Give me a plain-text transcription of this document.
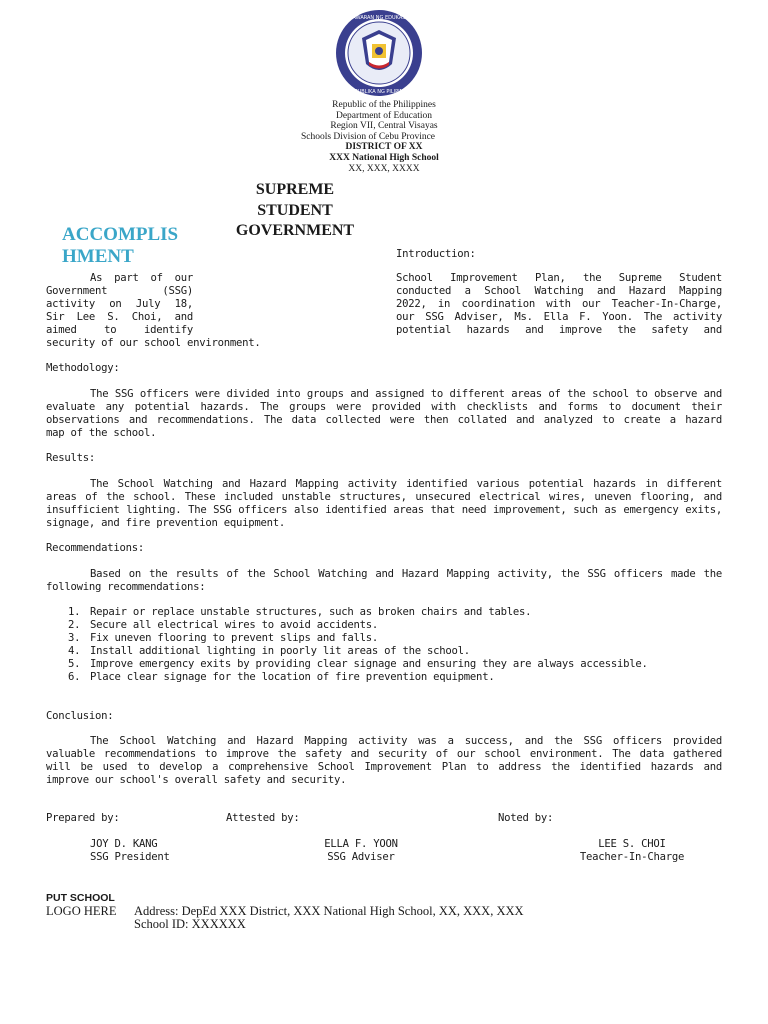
KAGAWARAN NG EDUKASYON
REPUBLIKA NG PILIPINAS
Republic of the Philippines
Department of Education
Region VII, Central Visayas
Schools Division of Cebu Province
DISTRICT OF XX
XXX National High School
XX, XXX, XXXX
SUPREME
STUDENT
GOVERNMENT
ACCOMPLIS
HMENT
As part of our
Government (SSG)
activity on July 18,
Sir Lee S. Choi, and
aimed to identify
security of our school environment.
Introduction:
School Improvement Plan, the Supreme Student
conducted a School Watching and Hazard Mapping
2022, in coordination with our Teacher-In-Charge,
our SSG Adviser, Ms. Ella F. Yoon. The activity
potential hazards and improve the safety and
Methodology:
The SSG officers were divided into groups and assigned to different areas of the school to observe and
evaluate any potential hazards. The groups were provided with checklists and forms to document their
observations and recommendations. The data collected were then collated and analyzed to create a hazard
map of the school.
Results:
The School Watching and Hazard Mapping activity identified various potential hazards in different
areas of the school. These included unstable structures, unsecured electrical wires, uneven flooring, and
insufficient lighting. The SSG officers also identified areas that need improvement, such as emergency exits,
signage, and fire prevention equipment.
Recommendations:
Based on the results of the School Watching and Hazard Mapping activity, the SSG officers made the
following recommendations:
1. Repair or replace unstable structures, such as broken chairs and tables.
2. Secure all electrical wires to avoid accidents.
3. Fix uneven flooring to prevent slips and falls.
4. Install additional lighting in poorly lit areas of the school.
5. Improve emergency exits by providing clear signage and ensuring they are always accessible.
6. Place clear signage for the location of fire prevention equipment.
Conclusion:
The School Watching and Hazard Mapping activity was a success, and the SSG officers provided
valuable recommendations to improve the safety and security of our school environment. The data gathered
will be used to develop a comprehensive School Improvement Plan to address the identified hazards and
improve our school's overall safety and security.
Prepared by:	Attested by:	Noted by:
JOY D. KANG
SSG President
ELLA F. YOON
SSG Adviser
LEE S. CHOI
Teacher-In-Charge
PUT SCHOOL
LOGO HERE Address: DepEd XXX District, XXX National High School, XX, XXX, XXX
School ID: XXXXXX
